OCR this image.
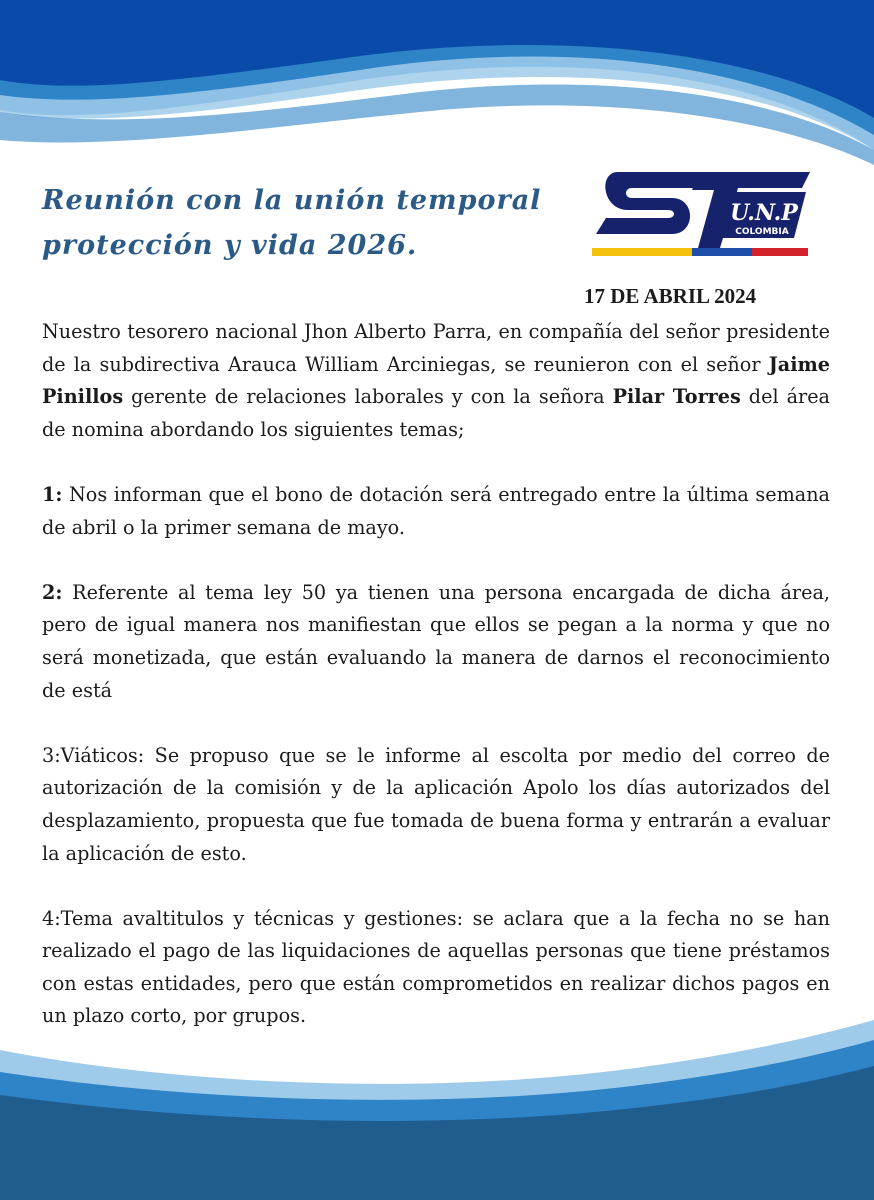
Reunión con la unión temporal
protección y vida 2026.
U.N.P
COLOMBIA
17 DE ABRIL 2024

Nuestro tesorero nacional Jhon Alberto Parra, en compañía del señor presidente de la subdirectiva Arauca William Arciniegas, se reunieron con el señor Jaime Pinillos gerente de relaciones laborales y con la señora Pilar Torres del área de nomina abordando los siguientes temas;

1: Nos informan que el bono de dotación será entregado entre la última semana de abril o la primer semana de mayo.

2: Referente al tema ley 50 ya tienen una persona encargada de dicha área, pero de igual manera nos manifiestan que ellos se pegan a la norma y que no será monetizada, que están evaluando la manera de darnos el reconocimiento de está

3:Viáticos: Se propuso que se le informe al escolta por medio del correo de autorización de la comisión y de la aplicación Apolo los días autorizados del desplazamiento, propuesta que fue tomada de buena forma y entrarán a evaluar la aplicación de esto.

4:Tema avaltitulos y técnicas y gestiones: se aclara que a la fecha no se han realizado el pago de las liquidaciones de aquellas personas que tiene préstamos con estas entidades, pero que están comprometidos en realizar dichos pagos en un plazo corto, por grupos.
